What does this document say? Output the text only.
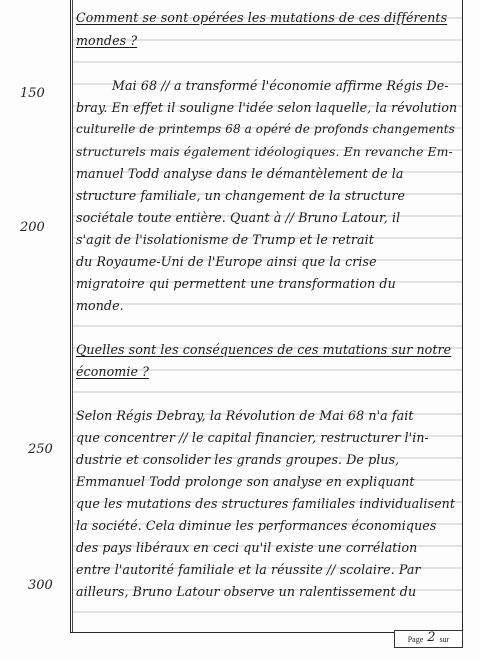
150
200
250
300
Comment se sont opérées les mutations de ces différents
mondes ?
Mai 68 // a transformé l'économie affirme Régis De-
bray. En effet il souligne l'idée selon laquelle, la révolution
culturelle de printemps 68 a opéré de profonds changements
structurels mais également idéologiques. En revanche Em-
manuel Todd analyse dans le démantèlement de la
structure familiale, un changement de la structure
sociétale toute entière. Quant à // Bruno Latour, il
s'agit de l'isolationisme de Trump et le retrait
du Royaume-Uni de l'Europe ainsi que la crise
migratoire qui permettent une transformation du
monde.
Quelles sont les conséquences de ces mutations sur notre
économie ?
Selon Régis Debray, la Révolution de Mai 68 n'a fait
que concentrer // le capital financier, restructurer l'in-
dustrie et consolider les grands groupes. De plus,
Emmanuel Todd prolonge son analyse en expliquant
que les mutations des structures familiales individualisent
la société. Cela diminue les performances économiques
des pays libéraux en ceci qu'il existe une corrélation
entre l'autorité familiale et la réussite // scolaire. Par
ailleurs, Bruno Latour observe un ralentissement du
Page 2 sur
